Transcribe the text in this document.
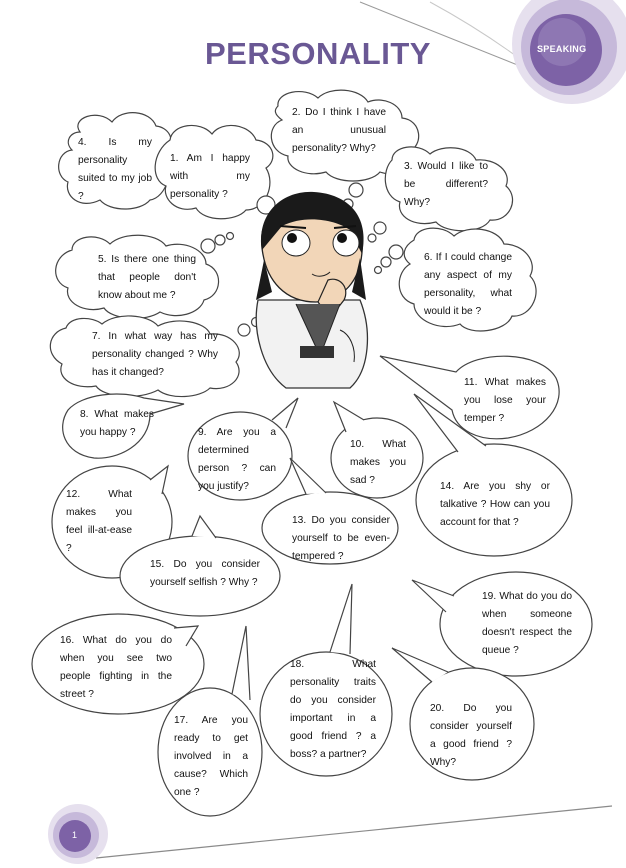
PERSONALITY	SPEAKING
1
4. Is my personality suited to my job ?
1. Am I happy with my personality ?
2. Do I think I have an unusual personality? Why?
3. Would I like to be different? Why?
5. Is there one thing that people don't know about me ?
6. If I could change any aspect of my personality, what would it be ?
7. In what way has my personality changed ? Why has it changed?
11. What makes you lose your temper ?
8. What makes you happy ?	9. Are you a determined person ? can you justify?
10. What makes you sad ?
14. Are you shy or talkative ? How can you account for that ?
12. What makes you feel ill-at-ease ?
13. Do you consider yourself to be even-tempered ?
15. Do you consider yourself selfish ? Why ?
19. What do you do when someone doesn't respect the queue ?
16. What do you do when you see two people fighting in the street ?
18. What personality traits do you consider important in a good friend ? a boss? a partner?
17. Are you ready to get involved in a cause? Which one ?
20. Do you consider yourself a good friend ? Why?
